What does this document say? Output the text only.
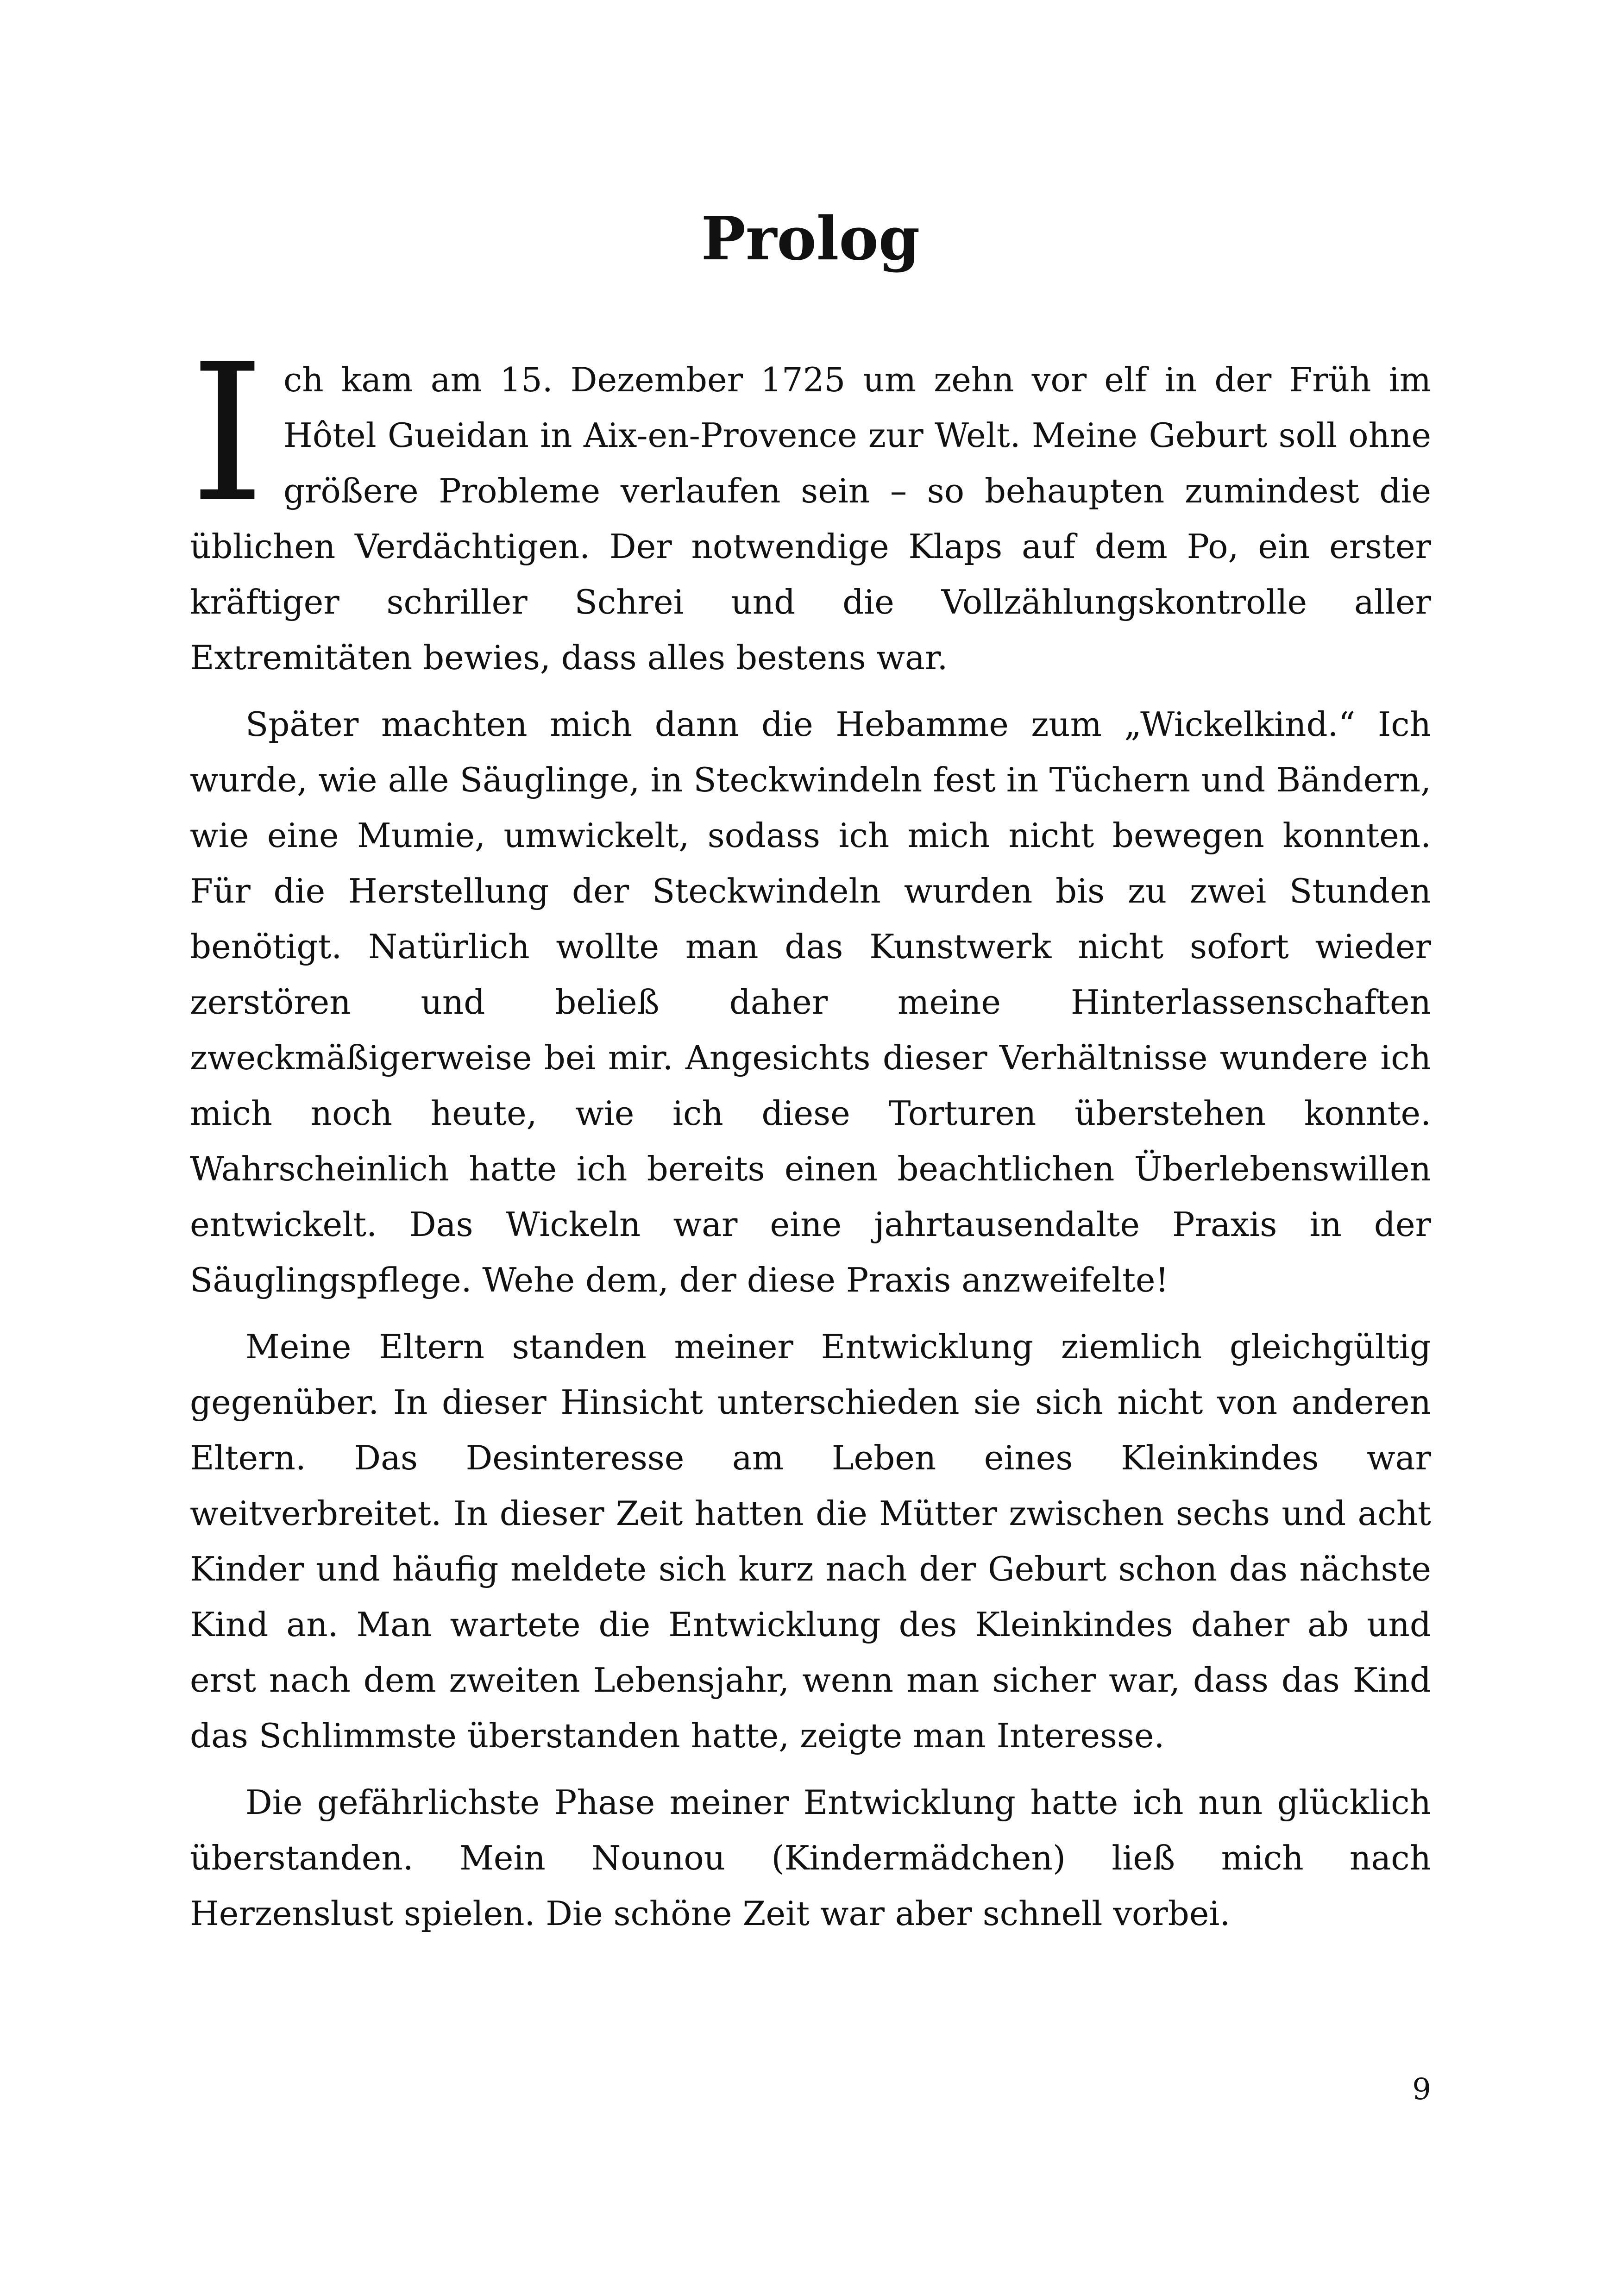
Prolog

Ich kam am 15. Dezember 1725 um zehn vor elf in der Früh im Hôtel Gueidan in Aix-en-Provence zur Welt. Meine Geburt soll ohne größere Probleme verlaufen sein – so behaupten zumindest die üblichen Verdächtigen. Der notwendige Klaps auf dem Po, ein erster kräftiger schriller Schrei und die Vollzählungskontrolle aller Extremitäten bewies, dass alles bestens war.

Später machten mich dann die Hebamme zum „Wickelkind.“ Ich wurde, wie alle Säuglinge, in Steckwindeln fest in Tüchern und Bändern, wie eine Mumie, umwickelt, sodass ich mich nicht bewegen konnten. Für die Herstellung der Steckwindeln wurden bis zu zwei Stunden benötigt. Natürlich wollte man das Kunstwerk nicht sofort wieder zerstören und beließ daher meine Hinterlassenschaften zweckmäßigerweise bei mir. Angesichts dieser Verhältnisse wundere ich mich noch heute, wie ich diese Torturen überstehen konnte. Wahrscheinlich hatte ich bereits einen beachtlichen Überlebenswillen entwickelt. Das Wickeln war eine jahrtausendalte Praxis in der Säuglingspflege. Wehe dem, der diese Praxis anzweifelte!

Meine Eltern standen meiner Entwicklung ziemlich gleichgültig gegenüber. In dieser Hinsicht unterschieden sie sich nicht von anderen Eltern. Das Desinteresse am Leben eines Kleinkindes war weitverbreitet. In dieser Zeit hatten die Mütter zwischen sechs und acht Kinder und häufig meldete sich kurz nach der Geburt schon das nächste Kind an. Man wartete die Entwicklung des Kleinkindes daher ab und erst nach dem zweiten Lebensjahr, wenn man sicher war, dass das Kind das Schlimmste überstanden hatte, zeigte man Interesse.

Die gefährlichste Phase meiner Entwicklung hatte ich nun glücklich überstanden. Mein Nounou (Kindermädchen) ließ mich nach Herzenslust spielen. Die schöne Zeit war aber schnell vorbei.

9
